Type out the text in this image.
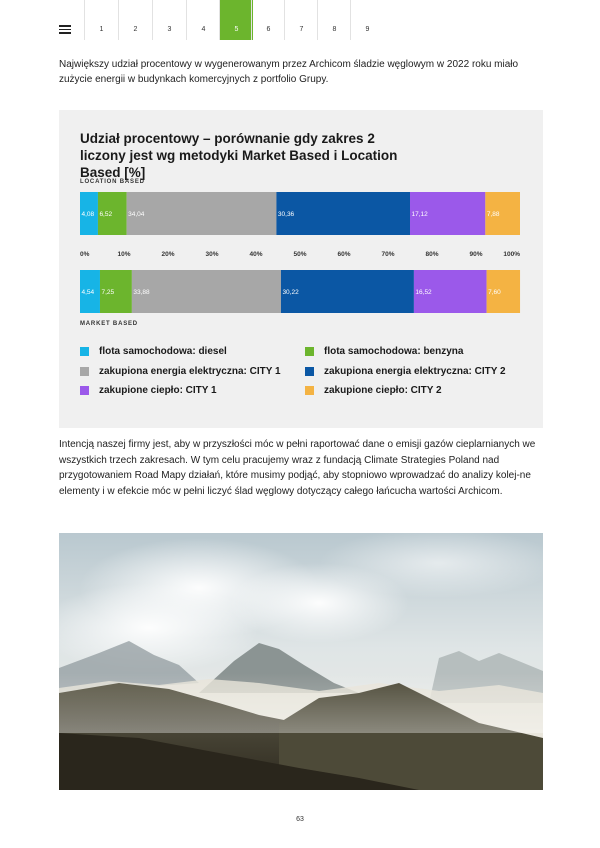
1	2	3	4	5	6	7	8	9

Największy udział procentowy w wygenerowanym przez Archicom śladzie węglowym w 2022 roku miało zużycie energii w budynkach komercyjnych z portfolio Grupy.

Udział procentowy – porównanie gdy zakres 2 liczony jest wg metodyki Market Based i Location Based [%]
LOCATION BASED
MARKET BASED
4,08 6,52 34,04	30,36	17,12	7,88
4,54 7,25	33,88	30,22	16,52	7,60
0%	10%	20%	30%	40%	50%	60%	70%	80%	90%	100%
flota samochodowa: diesel	flota samochodowa: benzyna
zakupiona energia elektryczna: CITY 1	zakupiona energia elektryczna: CITY 2
zakupione ciepło: CITY 1	zakupione ciepło: CITY 2

Intencją naszej firmy jest, aby w przyszłości móc w pełni raportować dane o emisji gazów cieplarnianych we wszystkich trzech zakresach. W tym celu pracujemy wraz z fundacją Climate Strategies Poland nad przygotowaniem Road Mapy działań, które musimy podjąć, aby stopniowo wprowadzać do analizy kolej-ne elementy i w efekcie móc w pełni liczyć ślad węglowy dotyczący całego łańcucha wartości Archicom.

63
